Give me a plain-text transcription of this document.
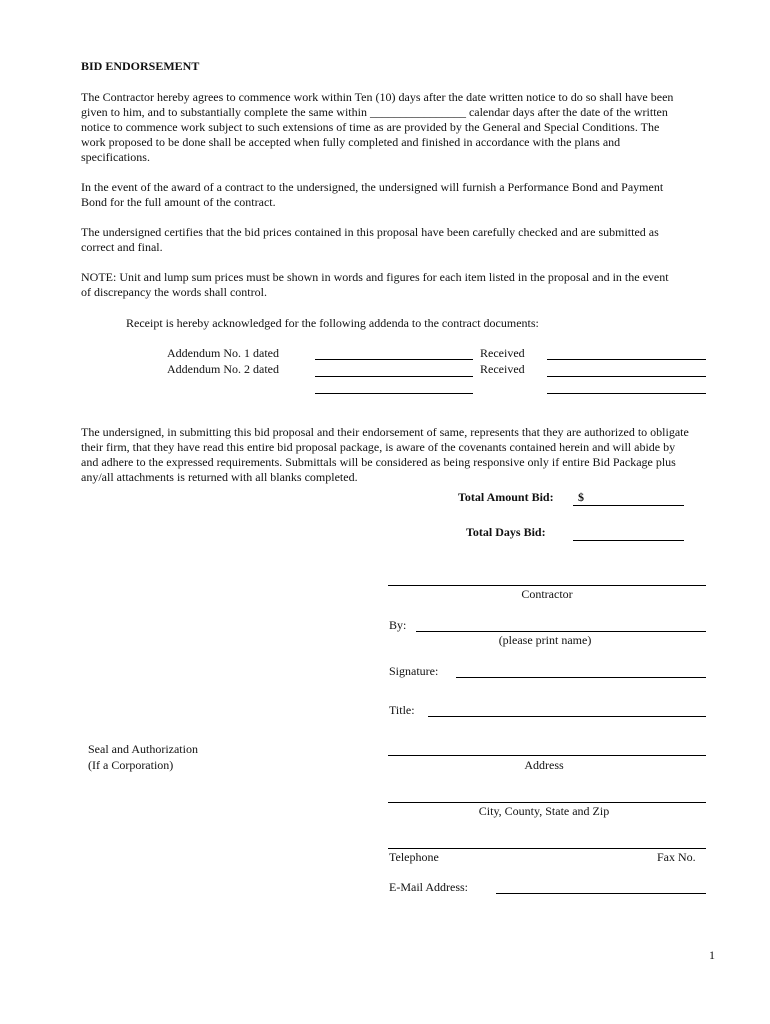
BID ENDORSEMENT
The Contractor hereby agrees to commence work within Ten (10) days after the date written notice to do so shall have been
given to him, and to substantially complete the same within ________________ calendar days after the date of the written
notice to commence work subject to such extensions of time as are provided by the General and Special Conditions. The
work proposed to be done shall be accepted when fully completed and finished in accordance with the plans and
specifications.
In the event of the award of a contract to the undersigned, the undersigned will furnish a Performance Bond and Payment
Bond for the full amount of the contract.
The undersigned certifies that the bid prices contained in this proposal have been carefully checked and are submitted as
correct and final.
NOTE: Unit and lump sum prices must be shown in words and figures for each item listed in the proposal and in the event
of discrepancy the words shall control.
Receipt is hereby acknowledged for the following addenda to the contract documents:
Addendum No. 1 dated	Received
Addendum No. 2 dated	Received
The undersigned, in submitting this bid proposal and their endorsement of same, represents that they are authorized to obligate
their firm, that they have read this entire bid proposal package, is aware of the covenants contained herein and will abide by
and adhere to the expressed requirements. Submittals will be considered as being responsive only if entire Bid Package plus
any/all attachments is returned with all blanks completed.
Total Amount Bid: $
Total Days Bid:
Contractor
By:
(please print name)
Signature:
Title:
Seal and Authorization
(If a Corporation)	Address
City, County, State and Zip
Telephone	Fax No.
E-Mail Address:
1
